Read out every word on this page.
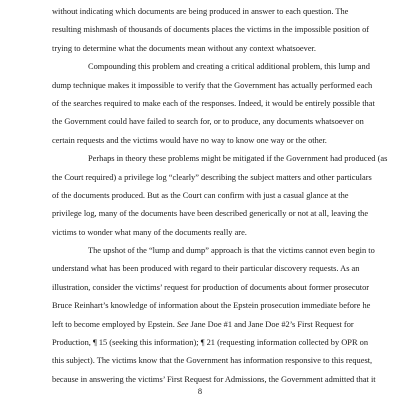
without indicating which documents are being produced in answer to each question. The
resulting mishmash of thousands of documents places the victims in the impossible position of
trying to determine what the documents mean without any context whatsoever.
Compounding this problem and creating a critical additional problem, this lump and
dump technique makes it impossible to verify that the Government has actually performed each
of the searches required to make each of the responses. Indeed, it would be entirely possible that
the Government could have failed to search for, or to produce, any documents whatsoever on
certain requests and the victims would have no way to know one way or the other.
Perhaps in theory these problems might be mitigated if the Government had produced (as
the Court required) a privilege log “clearly” describing the subject matters and other particulars
of the documents produced. But as the Court can confirm with just a casual glance at the
privilege log, many of the documents have been described generically or not at all, leaving the
victims to wonder what many of the documents really are.
The upshot of the “lump and dump” approach is that the victims cannot even begin to
understand what has been produced with regard to their particular discovery requests. As an
illustration, consider the victims’ request for production of documents about former prosecutor
Bruce Reinhart’s knowledge of information about the Epstein prosecution immediate before he
left to become employed by Epstein. See Jane Doe #1 and Jane Doe #2’s First Request for
Production, ¶ 15 (seeking this information); ¶ 21 (requesting information collected by OPR on
this subject). The victims know that the Government has information responsive to this request,
because in answering the victims’ First Request for Admissions, the Government admitted that it
8
